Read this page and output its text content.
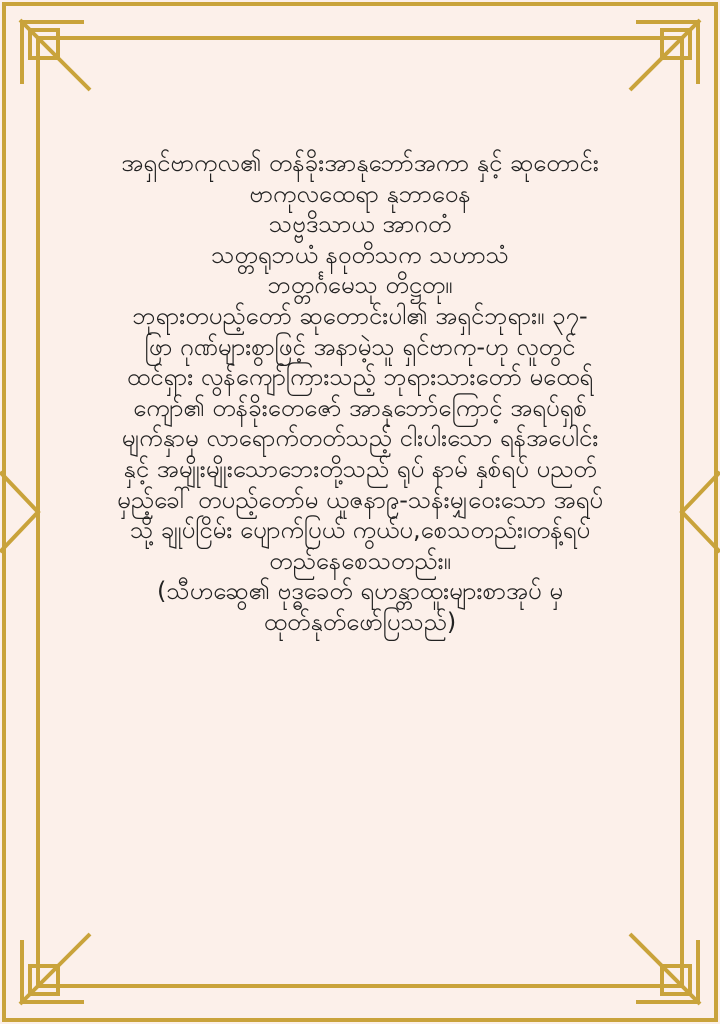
အရှင်ဗာကုလ၏ တန်ခိုးအာနုဘော်အကာ နှင့် ဆုတောင်း
ဗာကုလထေရာ နုဘာဝေန
သဗ္ဗဒိသာယ အာဂတံ
သတ္တရုဘယံ နဝုတိသက သဟာသံ
ဘတ္တင်္ဂမေသု တိဋ္ဌတု။
ဘုရားတပည့်တော် ဆုတောင်းပါ၏ အရှင်ဘုရား။ ၃၇-
ဖြာ ဂုဏ်များစွာဖြင့် အနာမဲ့သူ ရှင်ဗာကု-ဟု လူတွင်
ထင်ရှား လွန်ကျော်ကြားသည့် ဘုရားသားတော် မထေရ်
ကျော်၏ တန်ခိုးတေဇော် အာနုဘော်ကြောင့် အရပ်ရှစ်
မျက်နှာမှ လာရောက်တတ်သည့် ငါးပါးသော ရန်အပေါင်း
နှင့် အမျိုးမျိုးသောဘေးတို့သည် ရုပ် နာမ် နှစ်ရပ် ပညတ်
မှည့်ခေါ် တပည့်တော်မ ယူဇနာ၉-သန်းမျှဝေးသော အရပ်
သို့ ချုပ်ငြိမ်း ပျောက်ပြယ် ကွယ်ပ,စေသတည်း၊တန့်ရပ်
တည်နေစေသတည်း။
(သီဟဆွေ၏ ဗုဒ္ဓခေတ် ရဟန္တာထူးများစာအုပ် မှ
ထုတ်နုတ်ဖော်ပြသည်)
